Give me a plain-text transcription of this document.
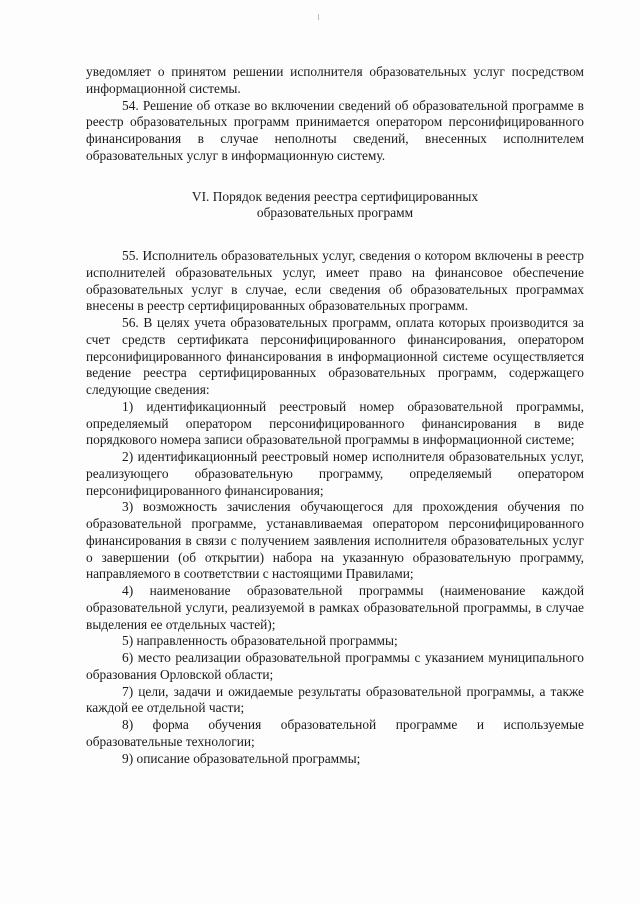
уведомляет о принятом решении исполнителя образовательных услуг посредством информационной системы.

54. Решение об отказе во включении сведений об образовательной программе в реестр образовательных программ принимается оператором персонифицированного финансирования в случае неполноты сведений, внесенных исполнителем образовательных услуг в информационную систему.

VI. Порядок ведения реестра сертифицированных
образовательных программ

55. Исполнитель образовательных услуг, сведения о котором включены в реестр исполнителей образовательных услуг, имеет право на финансовое обеспечение образовательных услуг в случае, если сведения об образовательных программах внесены в реестр сертифицированных образовательных программ.

56. В целях учета образовательных программ, оплата которых производится за счет средств сертификата персонифицированного финансирования, оператором персонифицированного финансирования в информационной системе осуществляется ведение реестра сертифицированных образовательных программ, содержащего следующие сведения:

1) идентификационный реестровый номер образовательной программы, определяемый оператором персонифицированного финансирования в виде порядкового номера записи образовательной программы в информационной системе;

2) идентификационный реестровый номер исполнителя образовательных услуг, реализующего образовательную программу, определяемый оператором персонифицированного финансирования;

3) возможность зачисления обучающегося для прохождения обучения по образовательной программе, устанавливаемая оператором персонифицированного финансирования в связи с получением заявления исполнителя образовательных услуг о завершении (об открытии) набора на указанную образовательную программу, направляемого в соответствии с настоящими Правилами;

4) наименование образовательной программы (наименование каждой образовательной услуги, реализуемой в рамках образовательной программы, в случае выделения ее отдельных частей);

5) направленность образовательной программы;

6) место реализации образовательной программы с указанием муниципального образования Орловской области;

7) цели, задачи и ожидаемые результаты образовательной программы, а также каждой ее отдельной части;

8) форма обучения образовательной программе и используемые образовательные технологии;

9) описание образовательной программы;
